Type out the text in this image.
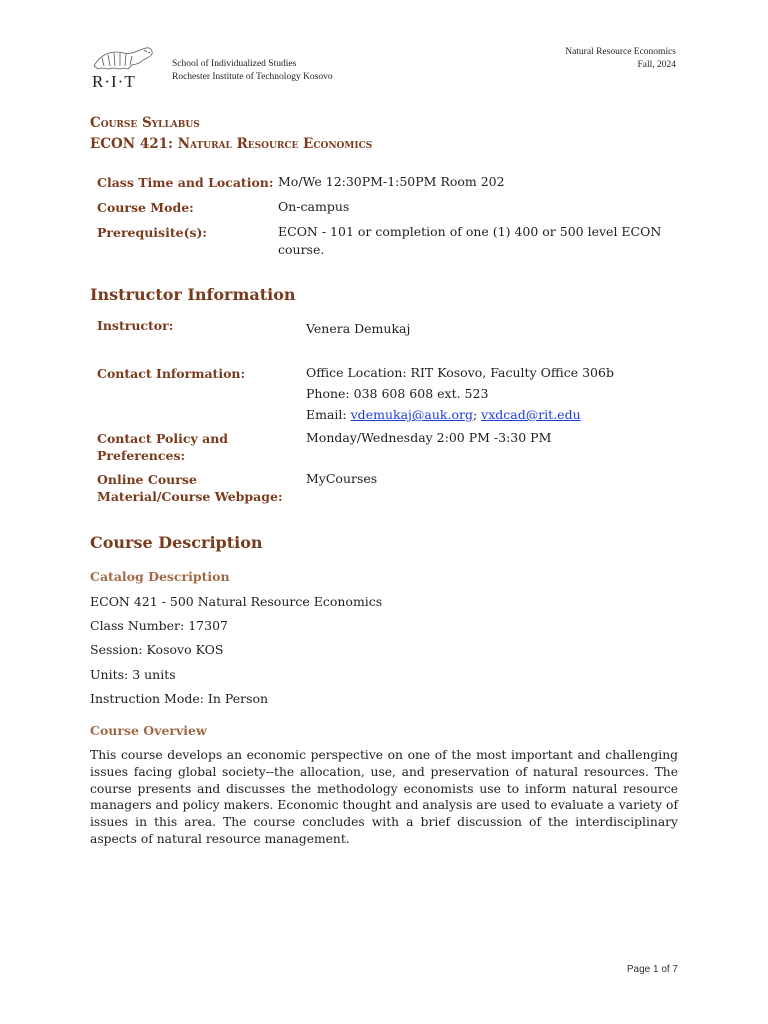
R·I·T
School of Individualized Studies
Rochester Institute of Technology Kosovo
Natural Resource Economics
Fall, 2024
Course Syllabus
ECON 421: Natural Resource Economics
Class Time and Location: Mo/We 12:30PM-1:50PM Room 202
Course Mode:	On-campus
Prerequisite(s):	ECON - 101 or completion of one (1) 400 or 500 level ECON
course.
Instructor Information
Instructor:	Venera Demukaj
Contact Information:	Office Location: RIT Kosovo, Faculty Office 306b
Phone: 038 608 608 ext. 523
Email: vdemukaj@auk.org; vxdcad@rit.edu
Contact Policy and
Preferences:
Monday/Wednesday 2:00 PM -3:30 PM
Online Course
Material/Course Webpage:
MyCourses
Course Description
Catalog Description
ECON 421 - 500 Natural Resource Economics
Class Number: 17307
Session: Kosovo KOS
Units: 3 units
Instruction Mode: In Person
Course Overview
This course develops an economic perspective on one of the most important and challenging issues facing global society--the allocation, use, and preservation of natural resources. The course presents and discusses the methodology economists use to inform natural resource managers and policy makers. Economic thought and analysis are used to evaluate a variety of issues in this area. The course concludes with a brief discussion of the interdisciplinary aspects of natural resource management.
Page 1 of 7
